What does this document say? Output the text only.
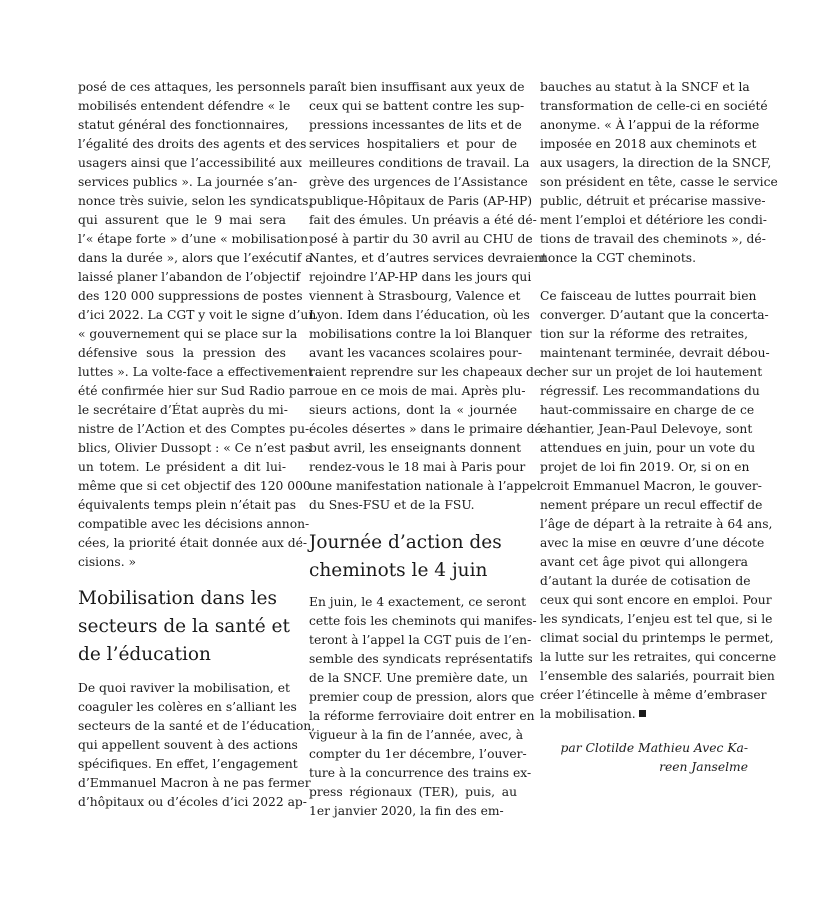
posé de ces attaques, les personnels
mobilisés entendent défendre « le
statut général des fonctionnaires,
l’égalité des droits des agents et des
usagers ainsi que l’accessibilité aux
services publics ». La journée s’an-
nonce très suivie, selon les syndicats,
qui assurent que le 9 mai sera
l’« étape forte » d’une « mobilisation
dans la durée », alors que l’exécutif a
laissé planer l’abandon de l’objectif
des 120 000 suppressions de postes
d’ici 2022. La CGT y voit le signe d’un
« gouvernement qui se place sur la
défensive sous la pression des
luttes ». La volte-face a effectivement
été confirmée hier sur Sud Radio par
le secrétaire d’État auprès du mi-
nistre de l’Action et des Comptes pu-
blics, Olivier Dussopt : « Ce n’est pas
un totem. Le président a dit lui-
même que si cet objectif des 120 000
équivalents temps plein n’était pas
compatible avec les décisions annon-
cées, la priorité était donnée aux dé-
cisions. »
Mobilisation dans les
secteurs de la santé et
de l’éducation
De quoi raviver la mobilisation, et
coaguler les colères en s’alliant les
secteurs de la santé et de l’éducation,
qui appellent souvent à des actions
spécifiques. En effet, l’engagement
d’Emmanuel Macron à ne pas fermer
d’hôpitaux ou d’écoles d’ici 2022 ap-
paraît bien insuffisant aux yeux de
ceux qui se battent contre les sup-
pressions incessantes de lits et de
services hospitaliers et pour de
meilleures conditions de travail. La
grève des urgences de l’Assistance
publique-Hôpitaux de Paris (AP-HP)
fait des émules. Un préavis a été dé-
posé à partir du 30 avril au CHU de
Nantes, et d’autres services devraient
rejoindre l’AP-HP dans les jours qui
viennent à Strasbourg, Valence et
Lyon. Idem dans l’éducation, où les
mobilisations contre la loi Blanquer
avant les vacances scolaires pour-
raient reprendre sur les chapeaux de
roue en ce mois de mai. Après plu-
sieurs actions, dont la « journée
écoles désertes » dans le primaire dé-
but avril, les enseignants donnent
rendez-vous le 18 mai à Paris pour
une manifestation nationale à l’appel
du Snes-FSU et de la FSU.
Journée d’action des
cheminots le 4 juin
En juin, le 4 exactement, ce seront
cette fois les cheminots qui manifes-
teront à l’appel la CGT puis de l’en-
semble des syndicats représentatifs
de la SNCF. Une première date, un
premier coup de pression, alors que
la réforme ferroviaire doit entrer en
vigueur à la fin de l’année, avec, à
compter du 1er décembre, l’ouver-
ture à la concurrence des trains ex-
press régionaux (TER), puis, au
1er janvier 2020, la fin des em-
bauches au statut à la SNCF et la
transformation de celle-ci en société
anonyme. « À l’appui de la réforme
imposée en 2018 aux cheminots et
aux usagers, la direction de la SNCF,
son président en tête, casse le service
public, détruit et précarise massive-
ment l’emploi et détériore les condi-
tions de travail des cheminots », dé-
nonce la CGT cheminots.
Ce faisceau de luttes pourrait bien
converger. D’autant que la concerta-
tion sur la réforme des retraites,
maintenant terminée, devrait débou-
cher sur un projet de loi hautement
régressif. Les recommandations du
haut-commissaire en charge de ce
chantier, Jean-Paul Delevoye, sont
attendues en juin, pour un vote du
projet de loi fin 2019. Or, si on en
croit Emmanuel Macron, le gouver-
nement prépare un recul effectif de
l’âge de départ à la retraite à 64 ans,
avec la mise en œuvre d’une décote
avant cet âge pivot qui allongera
d’autant la durée de cotisation de
ceux qui sont encore en emploi. Pour
les syndicats, l’enjeu est tel que, si le
climat social du printemps le permet,
la lutte sur les retraites, qui concerne
l’ensemble des salariés, pourrait bien
créer l’étincelle à même d’embraser
la mobilisation.
par Clotilde Mathieu Avec Ka-
reen Janselme
